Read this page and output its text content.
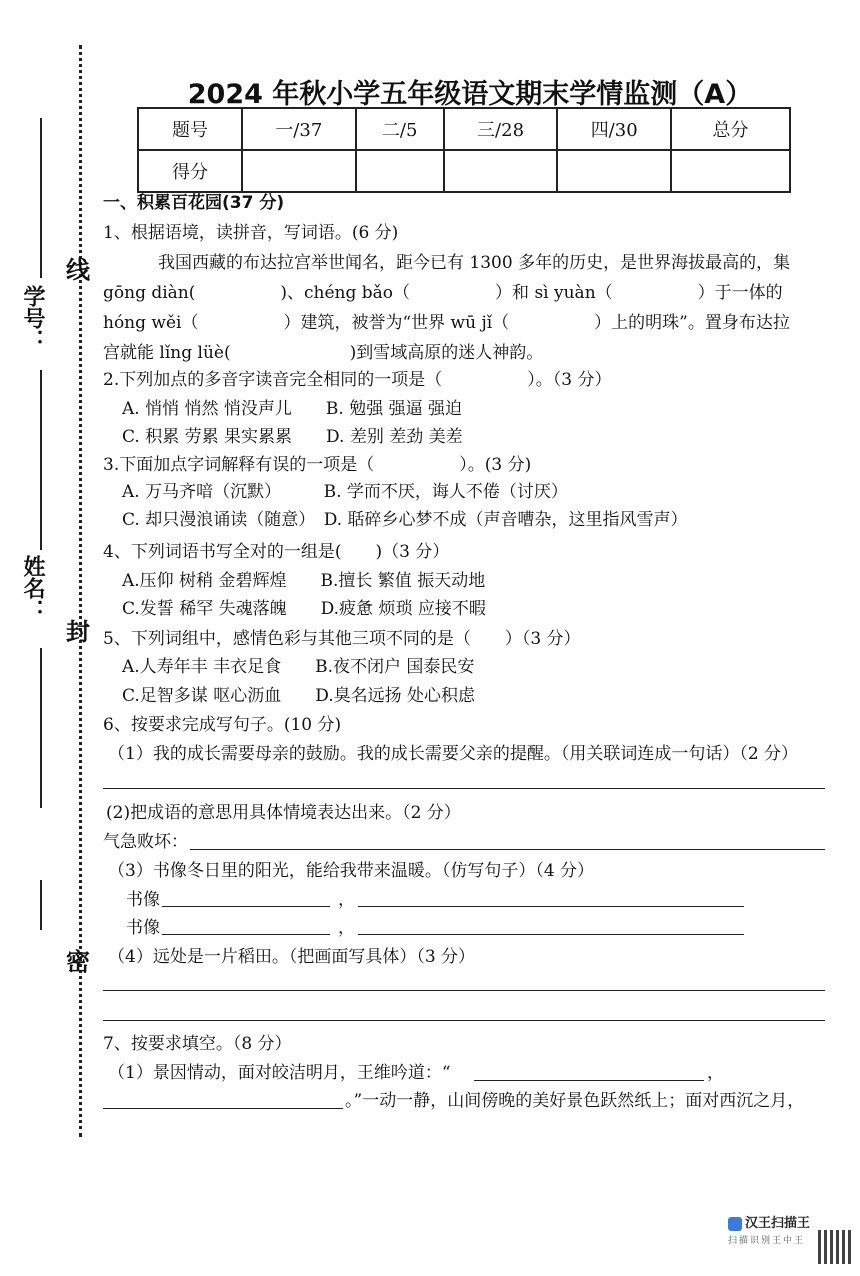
线
封
密
学号：
姓名：
2024 年秋小学五年级语文期末学情监测（A）
题号	一/37	二/5	三/28	四/30	总分
得分					
一、积累百花园(37 分)
1、根据语境，读拼音，写词语。(6 分)
我国西藏的布达拉宫举世闻名，距今已有 1300 多年的历史，是世界海拔最高的，集
gōng diàn(　　　　　)、chéng bǎo（　　　　　）和 sì yuàn（　　　　　）于一体的
hóng wěi（　　　　　）建筑，被誉为“世界 wū jǐ（　　　　　）上的明珠”。置身布达拉
宫就能 lǐng lüè(　　　　　　　)到雪域高原的迷人神韵。
2.下列加点的多音字读音完全相同的一项是（　　　　　）。（3 分）
A. 悄悄 悄然 悄没声儿　　B. 勉强 强逼 强迫
C. 积累 劳累 果实累累　　D. 差别 差劲 美差
3.下面加点字词解释有误的一项是（　　　　　）。(3 分)
A. 万马齐喑（沉默）　　　B. 学而不厌，诲人不倦（讨厌）
C. 却只漫浪诵读（随意）　D. 聒碎乡心梦不成（声音嘈杂，这里指风雪声）
4、下列词语书写全对的一组是(　　)（3 分）
A.压仰 树稍 金碧辉煌　　B.擅长 繁值 振天动地
C.发誓 稀罕 失魂落魄　　D.疲惫 烦琐 应接不暇
5、下列词组中，感情色彩与其他三项不同的是（　　）（3 分）
A.人寿年丰 丰衣足食　　B.夜不闭户 国泰民安
C.足智多谋 呕心沥血　　D.臭名远扬 处心积虑
6、按要求完成写句子。(10 分)
（1）我的成长需要母亲的鼓励。我的成长需要父亲的提醒。（用关联词连成一句话）（2 分）
(2)把成语的意思用具体情境表达出来。（2 分）
气急败坏：
（3）书像冬日里的阳光，能给我带来温暖。（仿写句子）（4 分）
书像	，
书像	，
（4）远处是一片稻田。（把画面写具体）（3 分）
7、按要求填空。（8 分）
（1）景因情动，面对皎洁明月，王维吟道：“	，
。”一动一静，山间傍晚的美好景色跃然纸上；面对西沉之月，
汉王扫描王
扫描识别王中王
